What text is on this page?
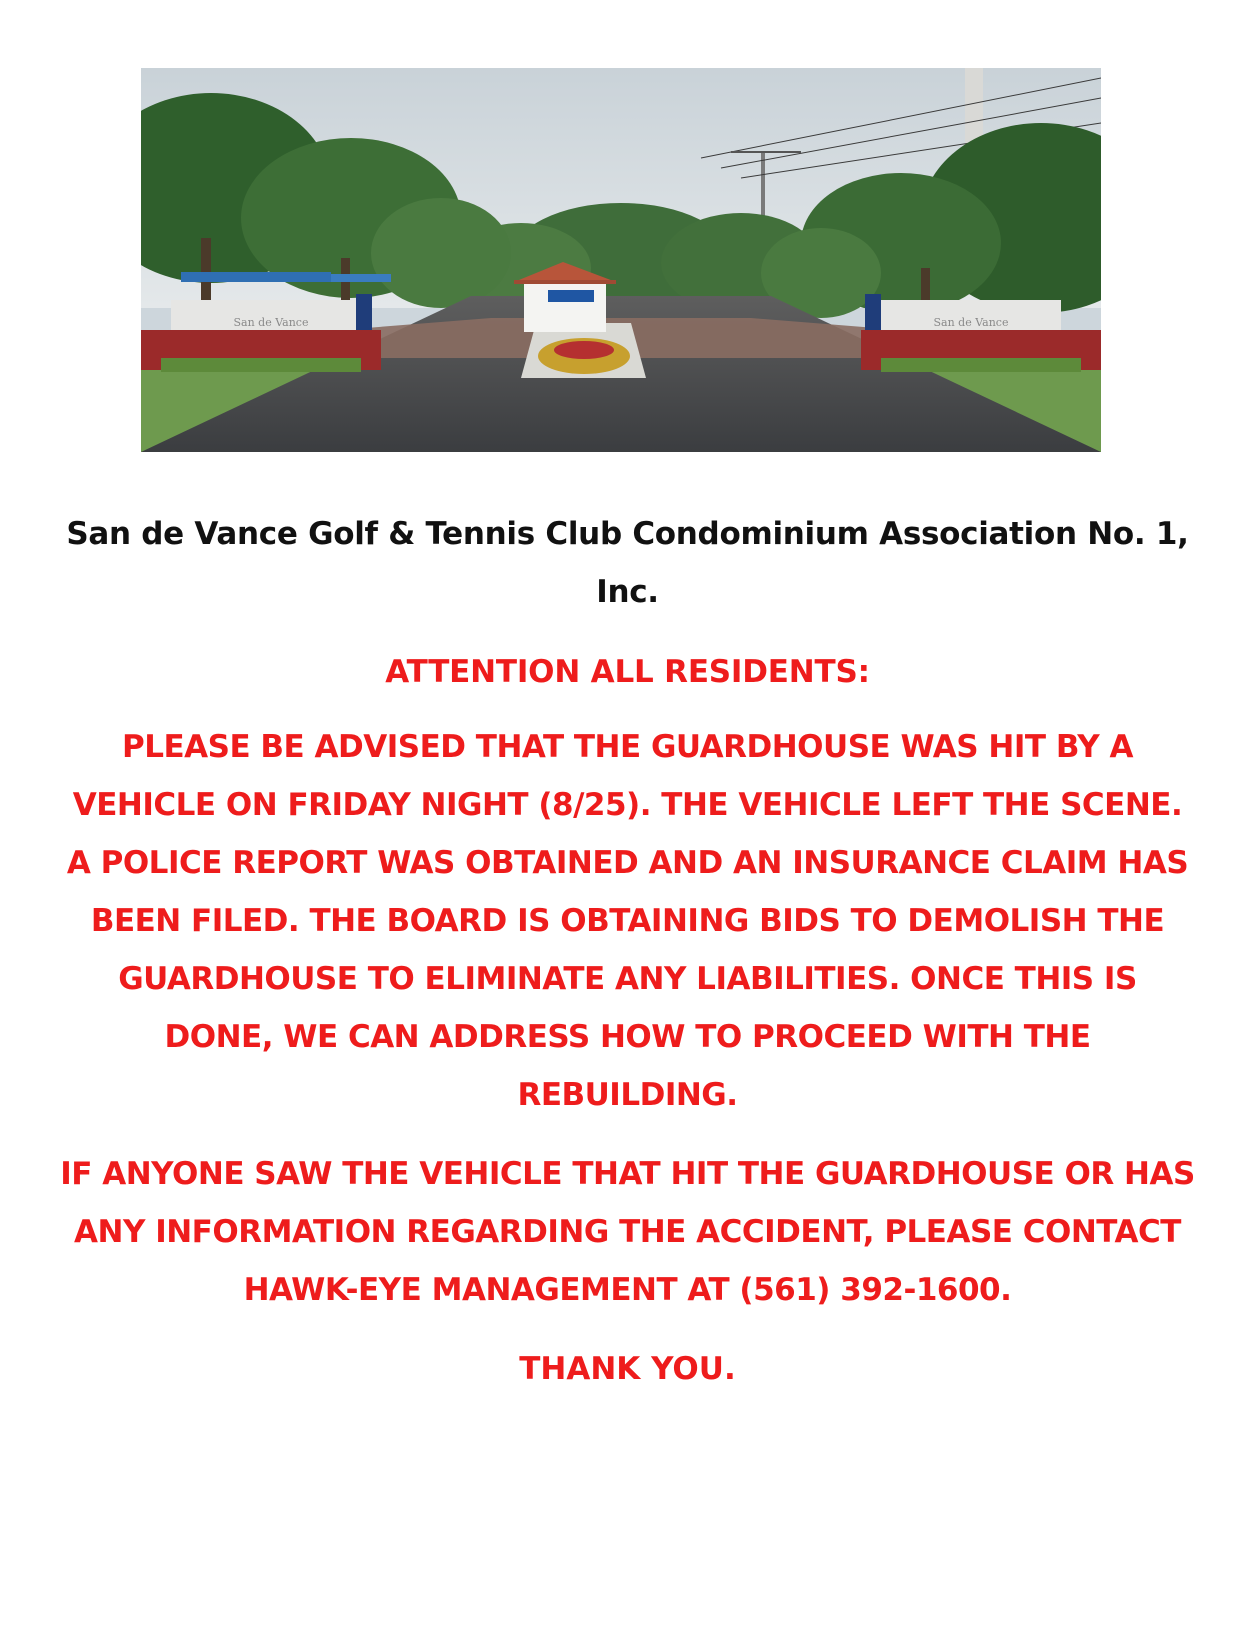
San de Vance	San de Vance
San de Vance Golf & Tennis Club Condominium Association No. 1, Inc.
ATTENTION ALL RESIDENTS:
PLEASE BE ADVISED THAT THE GUARDHOUSE WAS HIT BY A VEHICLE ON FRIDAY NIGHT (8/25). THE VEHICLE LEFT THE SCENE. A POLICE REPORT WAS OBTAINED AND AN INSURANCE CLAIM HAS BEEN FILED. THE BOARD IS OBTAINING BIDS TO DEMOLISH THE GUARDHOUSE TO ELIMINATE ANY LIABILITIES. ONCE THIS IS DONE, WE CAN ADDRESS HOW TO PROCEED WITH THE REBUILDING.
IF ANYONE SAW THE VEHICLE THAT HIT THE GUARDHOUSE OR HAS ANY INFORMATION REGARDING THE ACCIDENT, PLEASE CONTACT HAWK-EYE MANAGEMENT AT (561) 392-1600.
THANK YOU.
